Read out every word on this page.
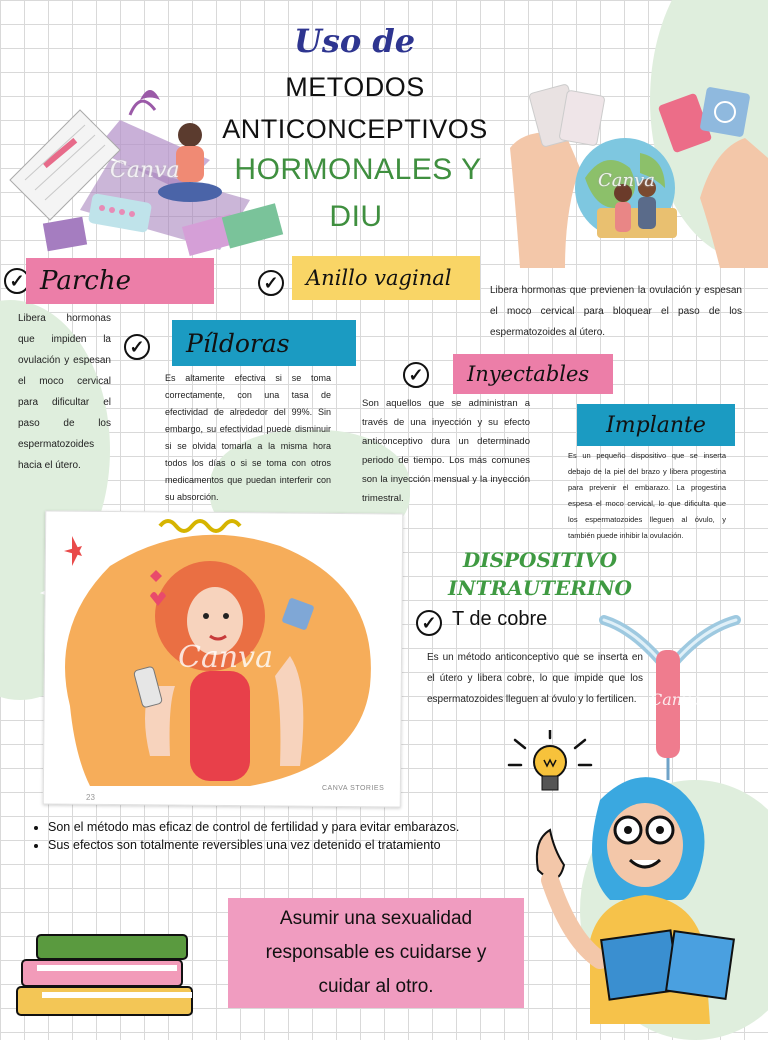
Uso de
METODOS
ANTICONCEPTIVOS
HORMONALES Y
DIU
Canva	Canva
✓ Parche
Libera hormonas que impiden la ovulación y espesan el moco cervical para dificultar el paso de los espermatozoides hacia el útero.
✓	Anillo vaginal
Libera hormonas que previenen la ovulación y espesan el moco cervical para bloquear el paso de los espermatozoides al útero.
✓	Píldoras
Es altamente efectiva si se toma correctamente, con una tasa de efectividad de alrededor del 99%. Sin embargo, su efectividad puede disminuir si se olvida tomarla a la misma hora todos los días o si se toma con otros medicamentos que puedan interferir con su absorción.
✓	Inyectables
Son aquellos que se administran a través de una inyección y su efecto anticonceptivo dura un determinado periodo de tiempo. Los más comunes son la inyección mensual y la inyección trimestral.
Implante
Es un pequeño dispositivo que se inserta debajo de la piel del brazo y libera progestina para prevenir el embarazo. La progestina espesa el moco cervical, lo que dificulta que los espermatozoides lleguen al óvulo, y también puede inhibir la ovulación.
Canva
CANVA STORIES
23
DISPOSITIVO
INTRAUTERINO
✓ T de cobre
Es un método anticonceptivo que se inserta en el útero y libera cobre, lo que impide que los espermatozoides lleguen al óvulo y lo fertilicen. Canva
• Son el método mas eficaz de control de fertilidad y para evitar embarazos.
• Sus efectos son totalmente reversibles una vez detenido el tratamiento
Asumir una sexualidad responsable es cuidarse y cuidar al otro.
